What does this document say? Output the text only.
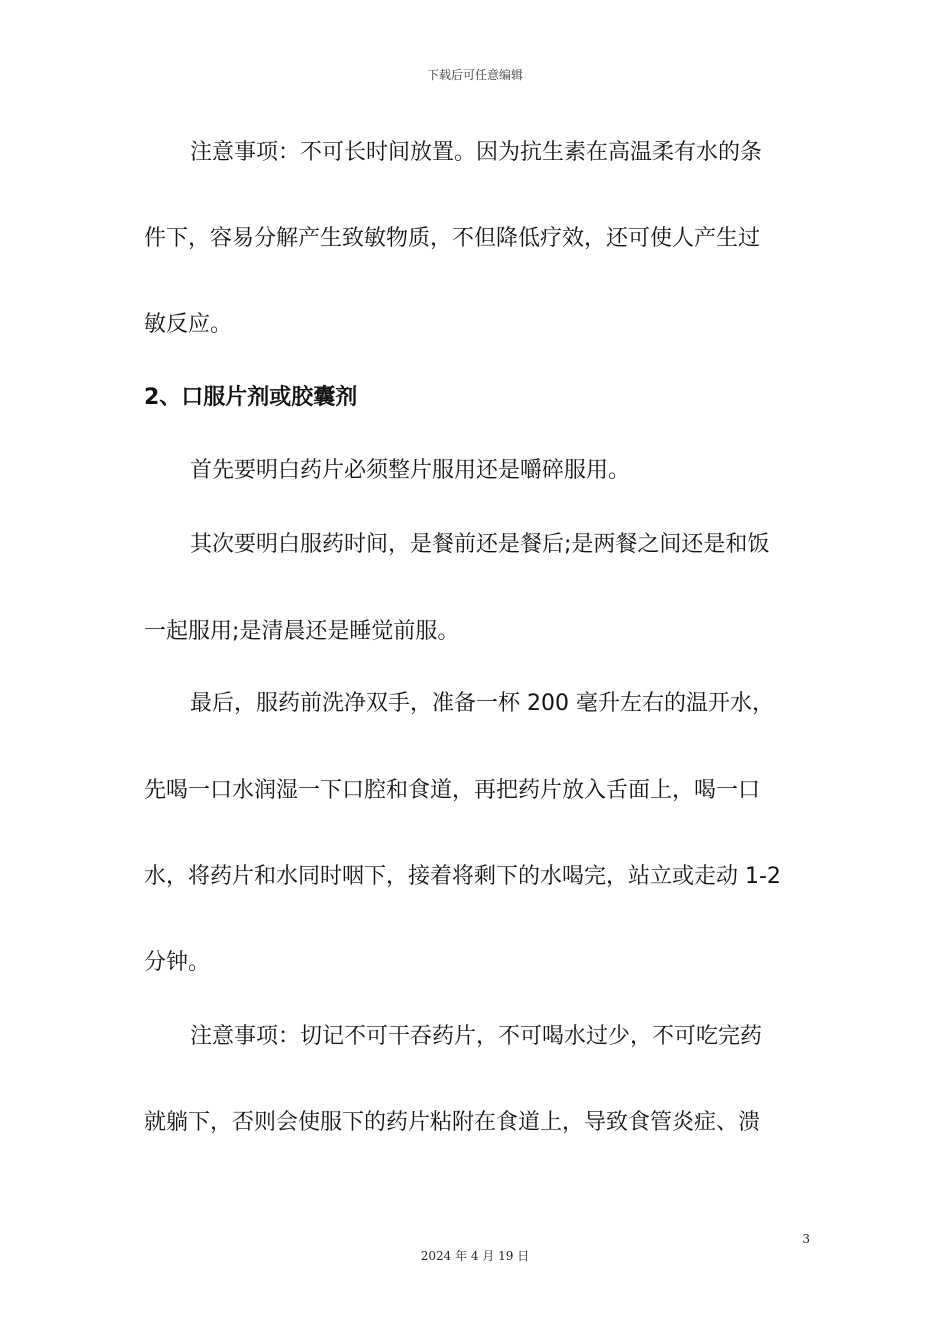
下载后可任意编辑

注意事项：不可长时间放置。因为抗生素在高温柔有水的条

件下，容易分解产生致敏物质，不但降低疗效，还可使人产生过

敏反应。

2、口服片剂或胶囊剂

首先要明白药片必须整片服用还是嚼碎服用。

其次要明白服药时间，是餐前还是餐后;是两餐之间还是和饭

一起服用;是清晨还是睡觉前服。

最后，服药前洗净双手，准备一杯 200 毫升左右的温开水，

先喝一口水润湿一下口腔和食道，再把药片放入舌面上，喝一口

水，将药片和水同时咽下，接着将剩下的水喝完，站立或走动 1-2

分钟。

注意事项：切记不可干吞药片，不可喝水过少，不可吃完药

就躺下，否则会使服下的药片粘附在食道上，导致食管炎症、溃

3
2024 年 4 月 19 日
